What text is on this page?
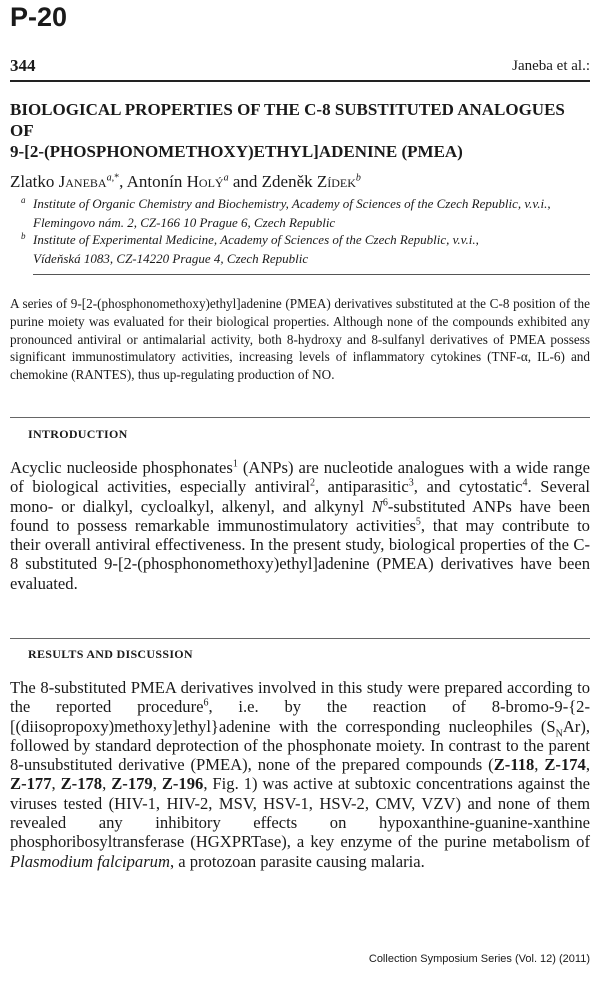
P-20
344	Janeba et al.:
BIOLOGICAL PROPERTIES OF THE C-8 SUBSTITUTED ANALOGUES OF
9-[2-(PHOSPHONOMETHOXY)ETHYL]ADENINE (PMEA)
Zlatko Janeba$^{a,*}$, Antonín Holý$^a$ and Zdeněk Zídek$^b$
a Institute of Organic Chemistry and Biochemistry, Academy of Sciences of the Czech Republic, v.v.i.,
Flemingovo nám. 2, CZ-166 10 Prague 6, Czech Republic
b Institute of Experimental Medicine, Academy of Sciences of the Czech Republic, v.v.i.,
Vídeňská 1083, CZ-14220 Prague 4, Czech Republic
A series of 9-[2-(phosphonomethoxy)ethyl]adenine (PMEA) derivatives substituted at the C-8 position of the purine moiety was evaluated for their biological properties. Although none of the compounds exhibited any pronounced antiviral or antimalarial activity, both 8-hydroxy and 8-sulfanyl derivatives of PMEA possess significant immunostimulatory activities, increasing levels of inflammatory cytokines (TNF-α, IL-6) and chemokine (RANTES), thus up-regulating production of NO.
INTRODUCTION
Acyclic nucleoside phosphonates$^1$ (ANPs) are nucleotide analogues with a wide range of biological activities, especially antiviral$^2$, antiparasitic$^3$, and cytostatic$^4$. Several mono- or dialkyl, cycloalkyl, alkenyl, and alkynyl $N^6$-substituted ANPs have been found to possess remarkable immunostimulatory activities$^5$, that may contribute to their overall antiviral effectiveness. In the present study, biological properties of the C-8 substituted 9-[2-(phosphonomethoxy)ethyl]adenine (PMEA) derivatives have been evaluated.
RESULTS AND DISCUSSION
The 8-substituted PMEA derivatives involved in this study were prepared according to the reported procedure$^6$, i.e. by the reaction of 8-bromo-9-{2-[(diisopropoxy)methoxy]ethyl}adenine with the corresponding nucleophiles $(S_NAr)$, followed by standard deprotection of the phosphonate moiety. In contrast to the parent 8-unsubstituted derivative (PMEA), none of the prepared compounds (Z-118, Z-174, Z-177, Z-178, Z-179, Z-196, Fig. 1) was active at subtoxic concentrations against the viruses tested (HIV-1, HIV-2, MSV, HSV-1, HSV-2, CMV, VZV) and none of them revealed any inhibitory effects on hypoxanthine-guanine-xanthine phosphoribosyltransferase (HGXPRTase), a key enzyme of the purine metabolism of Plasmodium falciparum, a protozoan parasite causing malaria.
Collection Symposium Series (Vol. 12) (2011)
